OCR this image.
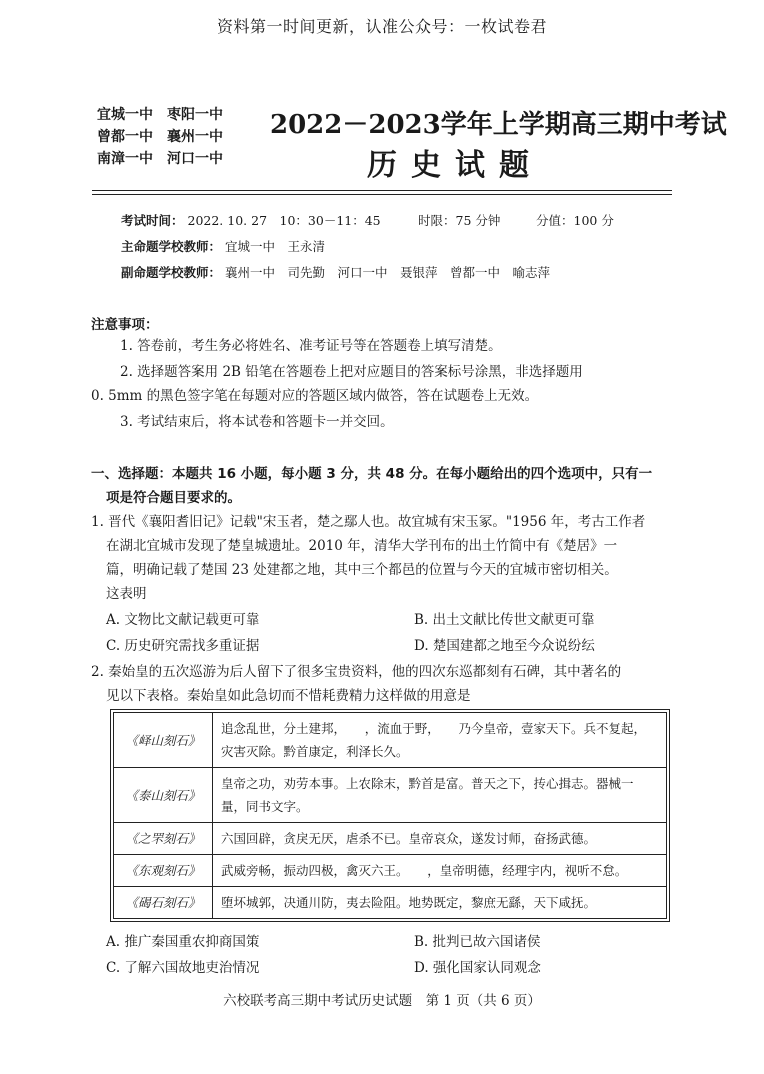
资料第一时间更新，认准公众号：一枚试卷君
宜城一中　 枣阳一中
曾都一中　 襄州一中
南漳一中　 河口一中
2022－2023学年上学期高三期中考试
历史试题
考试时间： 2022. 10. 27　10：30－11：45	时限：75 分钟	分值：100 分
主命题学校教师： 宜城一中　王永清
副命题学校教师： 襄州一中　司先勤　河口一中　聂银萍　曾都一中　喻志萍
注意事项：
1. 答卷前，考生务必将姓名、准考证号等在答题卷上填写清楚。
2. 选择题答案用 2B 铅笔在答题卷上把对应题目的答案标号涂黑，非选择题用
0. 5mm 的黑色签字笔在每题对应的答题区域内做答，答在试题卷上无效。
3. 考试结束后，将本试卷和答题卡一并交回。
一、选择题：本题共 16 小题，每小题 3 分，共 48 分。在每小题给出的四个选项中，只有一
项是符合题目要求的。
1. 晋代《襄阳耆旧记》记载"宋玉者，楚之鄢人也。故宜城有宋玉冢。"1956 年，考古工作者
在湖北宜城市发现了楚皇城遗址。2010 年，清华大学刊布的出土竹简中有《楚居》一
篇，明确记载了楚国 23 处建都之地，其中三个都邑的位置与今天的宜城市密切相关。
这表明
A. 文物比文献记载更可靠	B. 出土文献比传世文献更可靠
C. 历史研究需找多重证据	D. 楚国建都之地至今众说纷纭
2. 秦始皇的五次巡游为后人留下了很多宝贵资料，他的四次东巡都刻有石碑，其中著名的
见以下表格。秦始皇如此急切而不惜耗费精力这样做的用意是
《峄山刻石》	追念乱世，分土建邦，　　，流血于野，　　乃今皇帝，壹家天下。兵不复起，灾害灭除。黔首康定，利泽长久。
《泰山刻石》	皇帝之功，劝劳本事。上农除末，黔首是富。普天之下，抟心揖志。器械一量，同书文字。
《之罘刻石》	六国回辟，贪戾无厌，虐杀不已。皇帝哀众，遂发讨师，奋扬武德。
《东观刻石》	武威旁畅，振动四极，禽灭六王。　　，皇帝明德，经理宇内，视听不怠。
《碣石刻石》	堕坏城郭，决通川防，夷去险阻。地势既定，黎庶无繇，天下咸抚。
A. 推广秦国重农抑商国策	B. 批判已故六国诸侯
C. 了解六国故地吏治情况	D. 强化国家认同观念
六校联考高三期中考试历史试题　第 1 页（共 6 页）
